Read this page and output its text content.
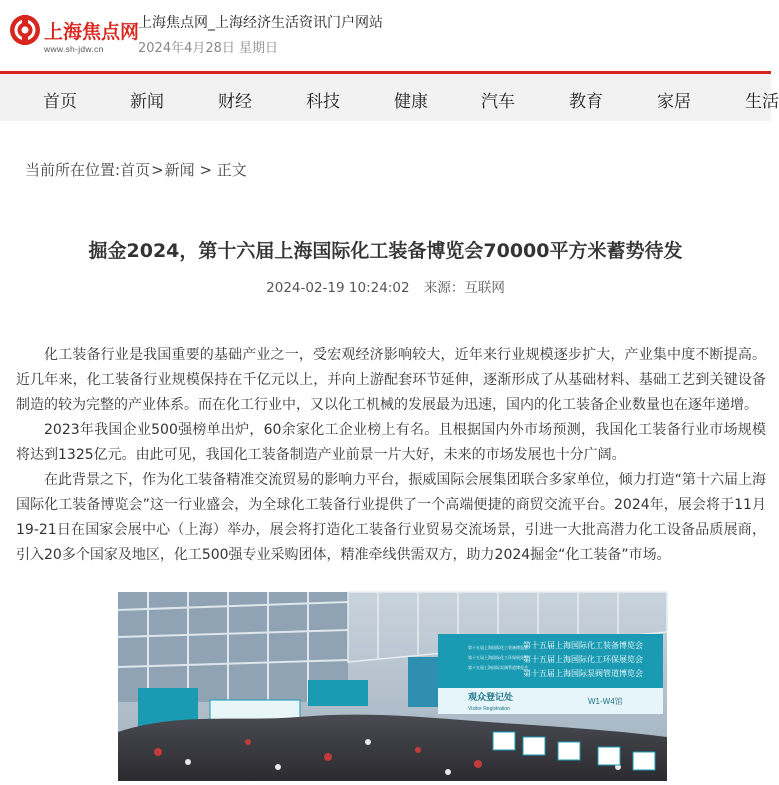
上海焦点网
www.sh-jdw.cn
上海焦点网_上海经济生活资讯门户网站
2024年4月28日 星期日
首页	新闻	财经	科技	健康	汽车	教育	家居	生活
当前所在位置:首页>新闻 > 正文
掘金2024，第十六届上海国际化工装备博览会70000平方米蓄势待发
2024-02-19 10:24:02 来源：互联网

化工装备行业是我国重要的基础产业之一，受宏观经济影响较大，近年来行业规模逐步扩大，产业集中度不断提高。近几年来，化工装备行业规模保持在千亿元以上，并向上游配套环节延伸，逐渐形成了从基础材料、基础工艺到关键设备制造的较为完整的产业体系。而在化工行业中，又以化工机械的发展最为迅速，国内的化工装备企业数量也在逐年递增。

2023年我国企业500强榜单出炉，60余家化工企业榜上有名。且根据国内外市场预测，我国化工装备行业市场规模将达到1325亿元。由此可见，我国化工装备制造产业前景一片大好，未来的市场发展也十分广阔。

在此背景之下，作为化工装备精准交流贸易的影响力平台，振威国际会展集团联合多家单位，倾力打造“第十六届上海国际化工装备博览会”这一行业盛会，为全球化工装备行业提供了一个高端便捷的商贸交流平台。2024年，展会将于11月19-21日在国家会展中心（上海）举办，展会将打造化工装备行业贸易交流场景，引进一大批高潜力化工设备品质展商，引入20多个国家及地区，化工500强专业采购团体，精准牵线供需双方，助力2024掘金“化工装备”市场。

第十五届上海国际化工装备博览会
第十五届上海国际化工环保展览会
第十五届上海国际泵阀管道博览会
第十五届上海国际化工装备博览会
第十五届上海国际化工环保展览会
第十五届上海国际泵阀管道博览会
观众登记处
Visitor Registration
W1-W4馆
